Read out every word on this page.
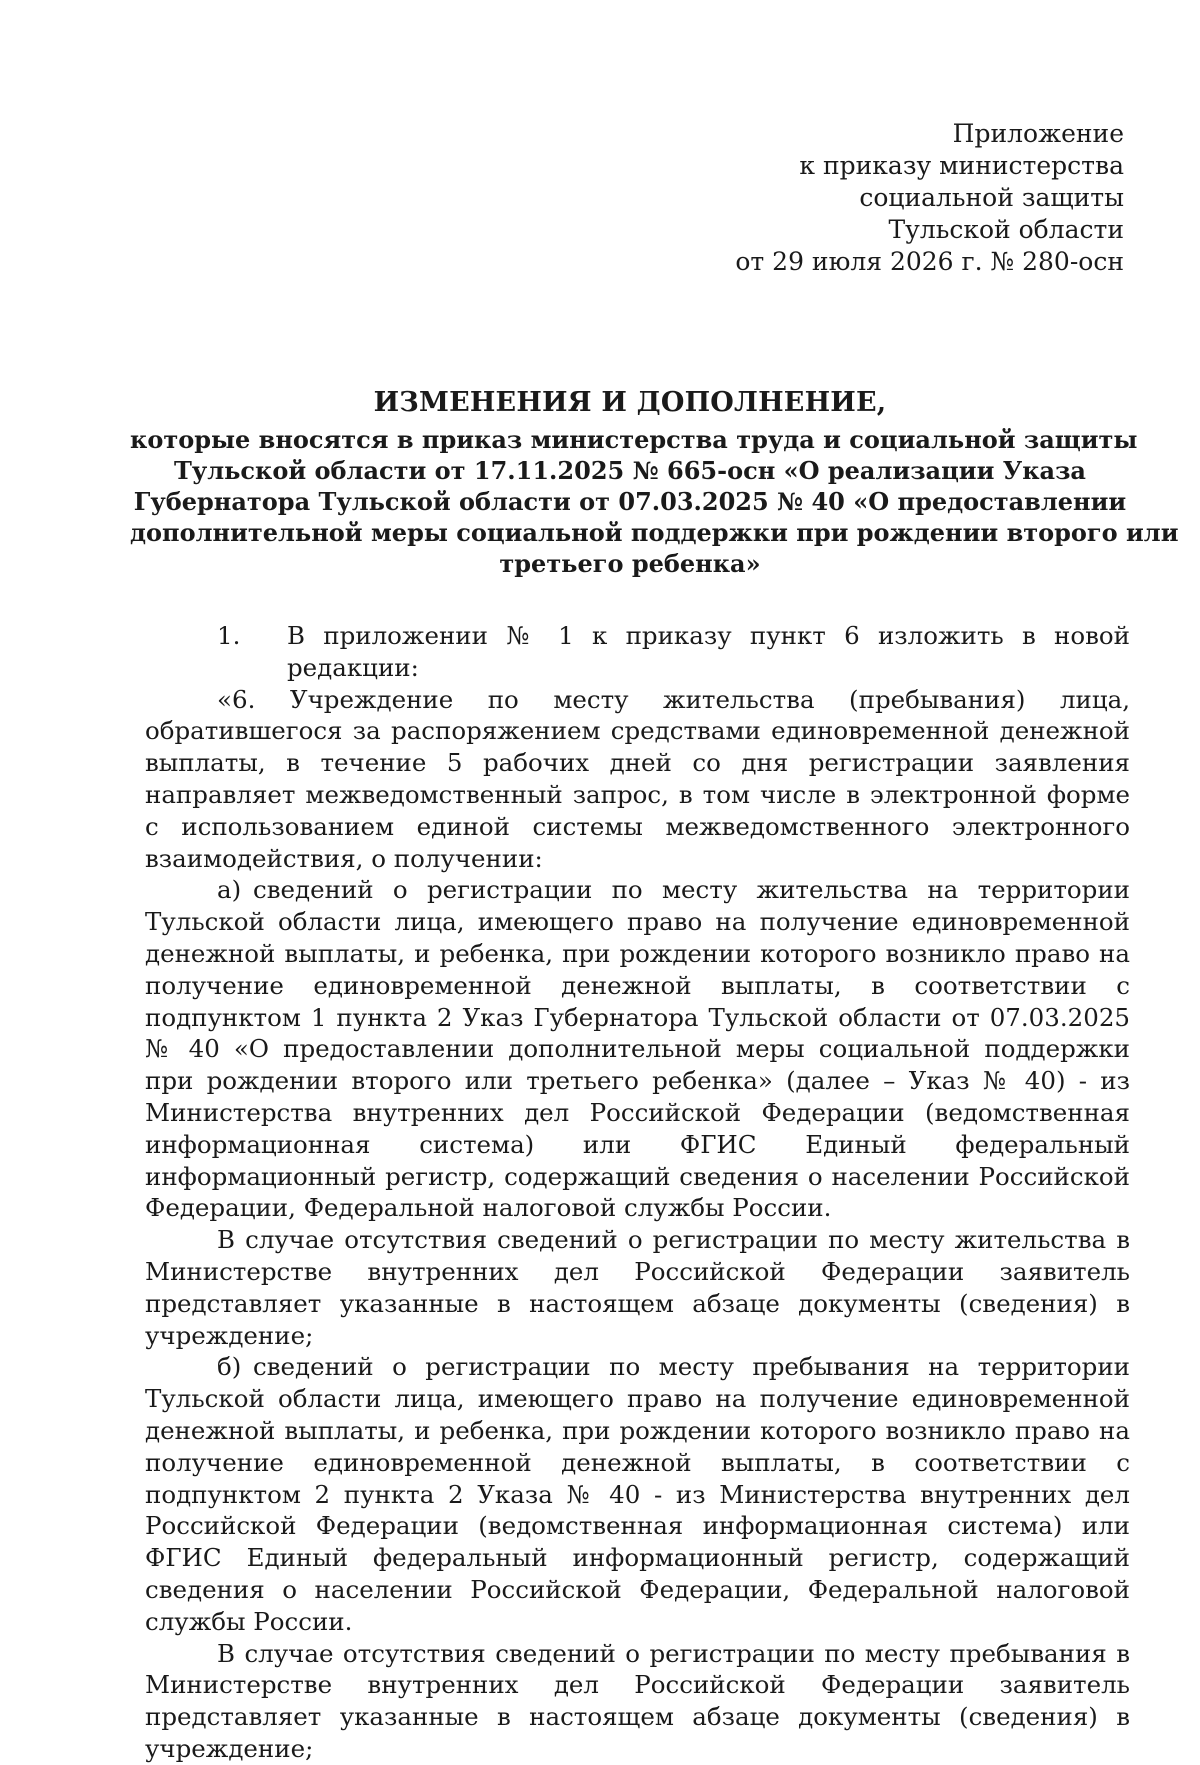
Приложение
к приказу министерства
социальной защиты
Тульской области
от 29 июля 2026 г. № 280-осн
ИЗМЕНЕНИЯ И ДОПОЛНЕНИЕ,
которые вносятся в приказ министерства труда и социальной защиты
Тульской области от 17.11.2025 № 665-осн «О реализации Указа
Губернатора Тульской области от 07.03.2025 № 40 «О предоставлении
дополнительной меры социальной поддержки при рождении второго или
третьего ребенка»

1.	В приложении № 1 к приказу пункт 6 изложить в новой редакции:

«6. Учреждение по месту жительства (пребывания) лица, обратившегося за распоряжением средствами единовременной денежной выплаты, в течение 5 рабочих дней со дня регистрации заявления направляет межведомственный запрос, в том числе в электронной форме с использованием единой системы межведомственного электронного взаимодействия, о получении:

а) сведений о регистрации по месту жительства на территории Тульской области лица, имеющего право на получение единовременной денежной выплаты, и ребенка, при рождении которого возникло право на получение единовременной денежной выплаты, в соответствии с подпунктом 1 пункта 2 Указ Губернатора Тульской области от 07.03.2025 № 40 «О предоставлении дополнительной меры социальной поддержки при рождении второго или третьего ребенка» (далее – Указ № 40) - из Министерства внутренних дел Российской Федерации (ведомственная информационная система) или ФГИС Единый федеральный информационный регистр, содержащий сведения о населении Российской Федерации, Федеральной налоговой службы России.

В случае отсутствия сведений о регистрации по месту жительства в Министерстве внутренних дел Российской Федерации заявитель представляет указанные в настоящем абзаце документы (сведения) в учреждение;

б) сведений о регистрации по месту пребывания на территории Тульской области лица, имеющего право на получение единовременной денежной выплаты, и ребенка, при рождении которого возникло право на получение единовременной денежной выплаты, в соответствии с подпунктом 2 пункта 2 Указа № 40 - из Министерства внутренних дел Российской Федерации (ведомственная информационная система) или ФГИС Единый федеральный информационный регистр, содержащий сведения о населении Российской Федерации, Федеральной налоговой службы России.

В случае отсутствия сведений о регистрации по месту пребывания в Министерстве внутренних дел Российской Федерации заявитель представляет указанные в настоящем абзаце документы (сведения) в учреждение;
